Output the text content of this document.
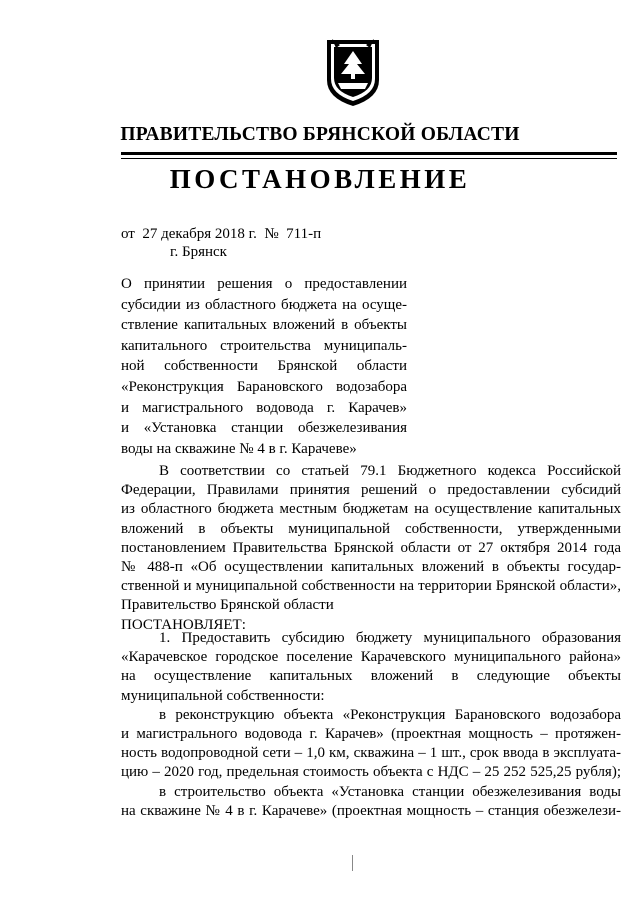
ПРАВИТЕЛЬСТВО БРЯНСКОЙ ОБЛАСТИ
ПОСТАНОВЛЕНИЕ
от  27 декабря 2018 г.  №  711-п
г. Брянск
О принятии решения о предоставлении
субсидии из областного бюджета на осуще-
ствление капитальных вложений в объекты
капитального строительства муниципаль-
ной собственности Брянской области
«Реконструкция Барановского водозабора
и магистрального водовода г. Карачев»
и «Установка станции обезжелезивания
воды на скважине № 4 в г. Карачеве»
В соответствии со статьей 79.1 Бюджетного кодекса Российской
Федерации, Правилами принятия решений о предоставлении субсидий
из областного бюджета местным бюджетам на осуществление капитальных
вложений в объекты муниципальной собственности, утвержденными
постановлением Правительства Брянской области от 27 октября 2014 года
№ 488-п «Об осуществлении капитальных вложений в объекты государ-
ственной и муниципальной собственности на территории Брянской области»,
Правительство Брянской области
ПОСТАНОВЛЯЕТ:
1. Предоставить субсидию бюджету муниципального образования
«Карачевское городское поселение Карачевского муниципального района»
на осуществление капитальных вложений в следующие объекты
муниципальной собственности:
в реконструкцию объекта «Реконструкция Барановского водозабора
и магистрального водовода г. Карачев» (проектная мощность – протяжен-
ность водопроводной сети – 1,0 км, скважина – 1 шт., срок ввода в эксплуата-
цию – 2020 год, предельная стоимость объекта с НДС – 25 252 525,25 рубля);
в строительство объекта «Установка станции обезжелезивания воды
на скважине № 4 в г. Карачеве» (проектная мощность – станция обезжелези-
